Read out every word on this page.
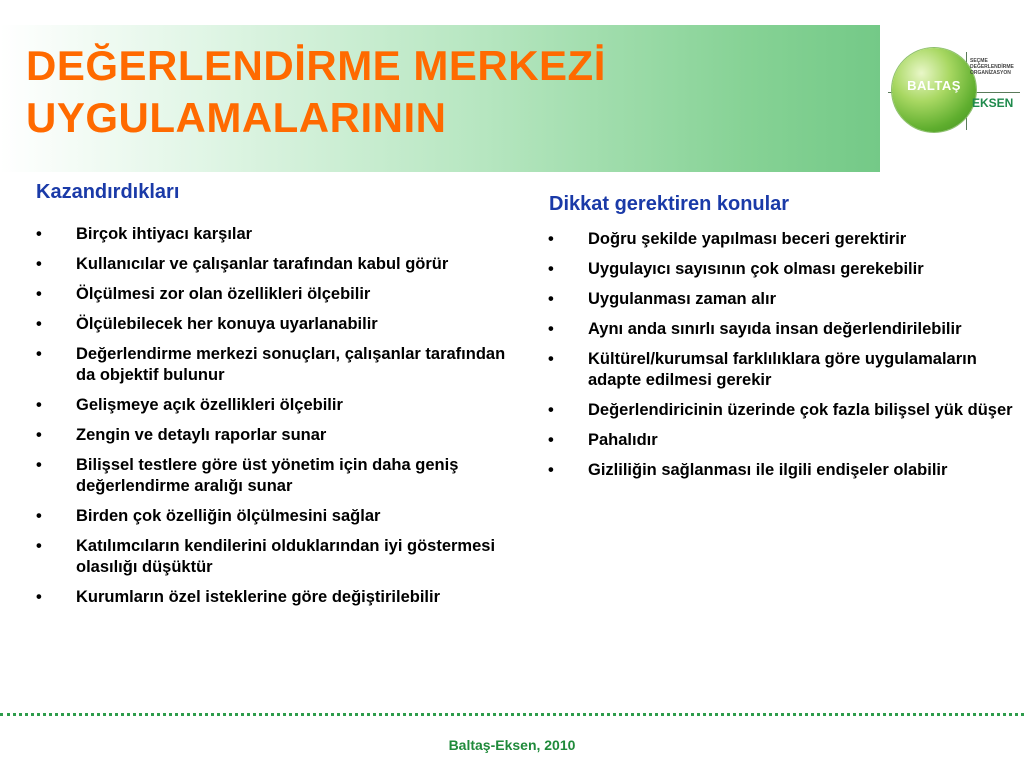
DEĞERLENDİRME MERKEZİ
UYGULAMALARININ
BALTAŞ
SEÇME
DEĞERLENDİRME
ORGANİZASYON
EKSEN
Kazandırdıkları
• Birçok ihtiyacı karşılar
• Kullanıcılar ve çalışanlar tarafından kabul görür
• Ölçülmesi zor olan özellikleri ölçebilir
• Ölçülebilecek her konuya uyarlanabilir
• Değerlendirme merkezi sonuçları, çalışanlar tarafından da objektif bulunur
• Gelişmeye açık özellikleri ölçebilir
• Zengin ve detaylı raporlar sunar
• Bilişsel testlere göre üst yönetim için daha geniş değerlendirme aralığı sunar
• Birden çok özelliğin ölçülmesini sağlar
• Katılımcıların kendilerini olduklarından iyi göstermesi olasılığı düşüktür
• Kurumların özel isteklerine göre değiştirilebilir
Dikkat gerektiren konular
• Doğru şekilde yapılması beceri gerektirir
• Uygulayıcı sayısının çok olması gerekebilir
• Uygulanması zaman alır
• Aynı anda sınırlı sayıda insan değerlendirilebilir
• Kültürel/kurumsal farklılıklara göre uygulamaların adapte edilmesi gerekir
• Değerlendiricinin üzerinde çok fazla bilişsel yük düşer
• Pahalıdır
• Gizliliğin sağlanması ile ilgili endişeler olabilir
Baltaş-Eksen, 2010
